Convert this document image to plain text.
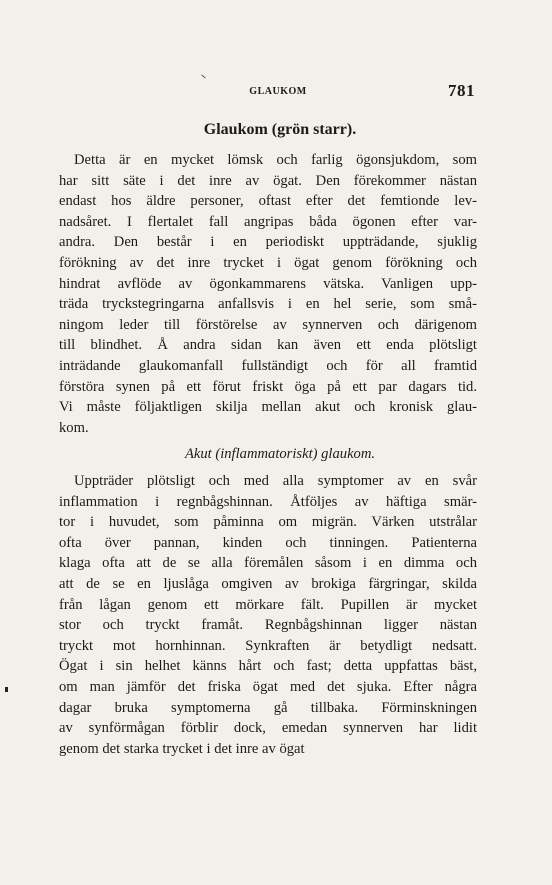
GLAUKOM	781
Glaukom (grön starr).
Detta är en mycket lömsk och farlig ögonsjukdom, som
har sitt säte i det inre av ögat. Den förekommer nästan
endast hos äldre personer, oftast efter det femtionde lev-
nadsåret. I flertalet fall angripas båda ögonen efter var-
andra. Den består i en periodiskt uppträdande, sjuklig
förökning av det inre trycket i ögat genom förökning och
hindrat avflöde av ögonkammarens vätska. Vanligen upp-
träda tryckstegringarna anfallsvis i en hel serie, som små-
ningom leder till förstörelse av synnerven och därigenom
till blindhet. Å andra sidan kan även ett enda plötsligt
inträdande glaukomanfall fullständigt och för all framtid
förstöra synen på ett förut friskt öga på ett par dagars tid.
Vi måste följaktligen skilja mellan akut och kronisk glau-
kom.
Akut (inflammatoriskt) glaukom.
Uppträder plötsligt och med alla symptomer av en svår
inflammation i regnbågshinnan. Åtföljes av häftiga smär-
tor i huvudet, som påminna om migrän. Värken utstrålar
ofta över pannan, kinden och tinningen. Patienterna
klaga ofta att de se alla föremålen såsom i en dimma och
att de se en ljuslåga omgiven av brokiga färgringar, skilda
från lågan genom ett mörkare fält. Pupillen är mycket
stor och tryckt framåt. Regnbågshinnan ligger nästan
tryckt mot hornhinnan. Synkraften är betydligt nedsatt.
Ögat i sin helhet känns hårt och fast; detta uppfattas bäst,
om man jämför det friska ögat med det sjuka. Efter några
dagar bruka symptomerna gå tillbaka. Förminskningen
av synförmågan förblir dock, emedan synnerven har lidit
genom det starka trycket i det inre av ögat
